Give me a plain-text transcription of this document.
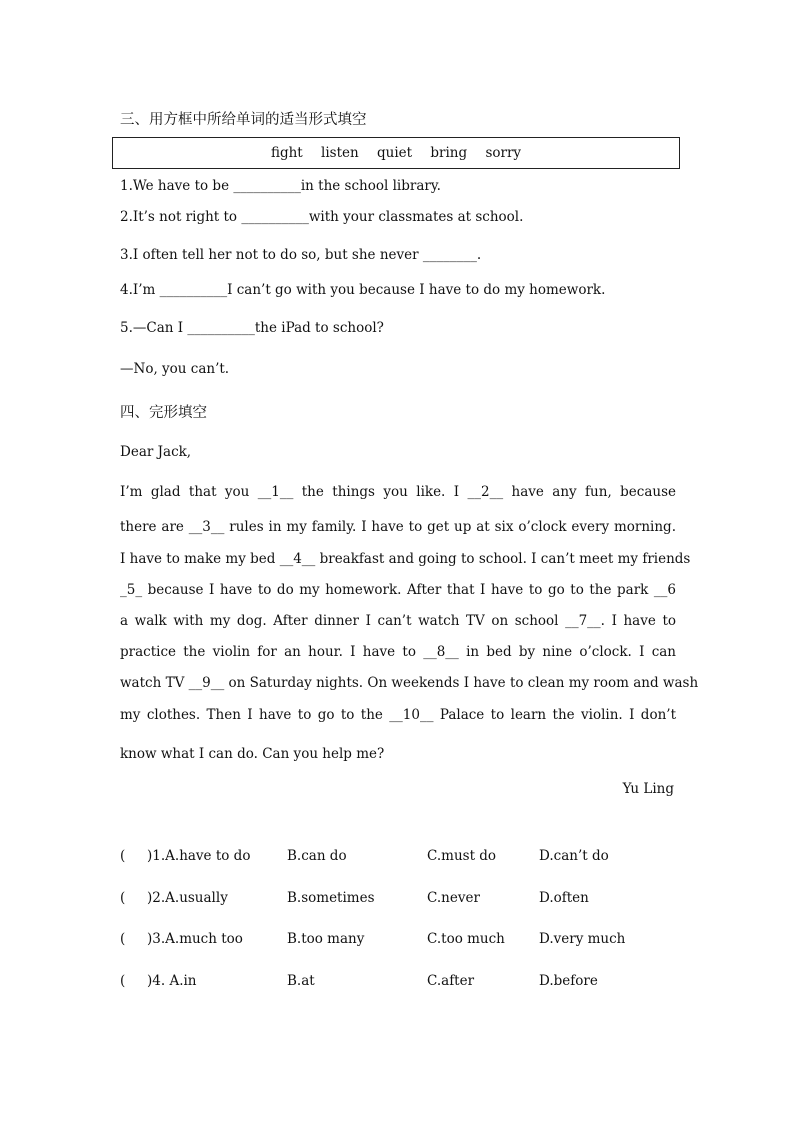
三、用方框中所给单词的适当形式填空
fight listen quiet bring sorry
1.We have to be __________in the school library.
2.It’s not right to __________with your classmates at school.
3.I often tell her not to do so, but she never ________.
4.I’m __________I can’t go with you because I have to do my homework.
5.—Can I __________the iPad to school?
—No, you can’t.
四、完形填空
Dear Jack,
I’m glad that you __1__ the things you like. I __2__ have any fun, because
there are __3__ rules in my family. I have to get up at six o’clock every morning.
I have to make my bed __4__ breakfast and going to school. I can’t meet my friends
_5_ because I have to do my homework. After that I have to go to the park __6
a walk with my dog. After dinner I can’t watch TV on school __7__. I have to
practice the violin for an hour. I have to __8__ in bed by nine o’clock. I can
watch TV __9__ on Saturday nights. On weekends I have to clean my room and wash
my clothes. Then I have to go to the __10__ Palace to learn the violin. I don’t
know what I can do. Can you help me?
Yu Ling
( )1.A.have to do	B.can do	C.must do	D.can’t do
( )2.A.usually	B.sometimes	C.never	D.often
( )3.A.much too	B.too many	C.too much	D.very much
( )4. A.in	B.at	C.after	D.before
